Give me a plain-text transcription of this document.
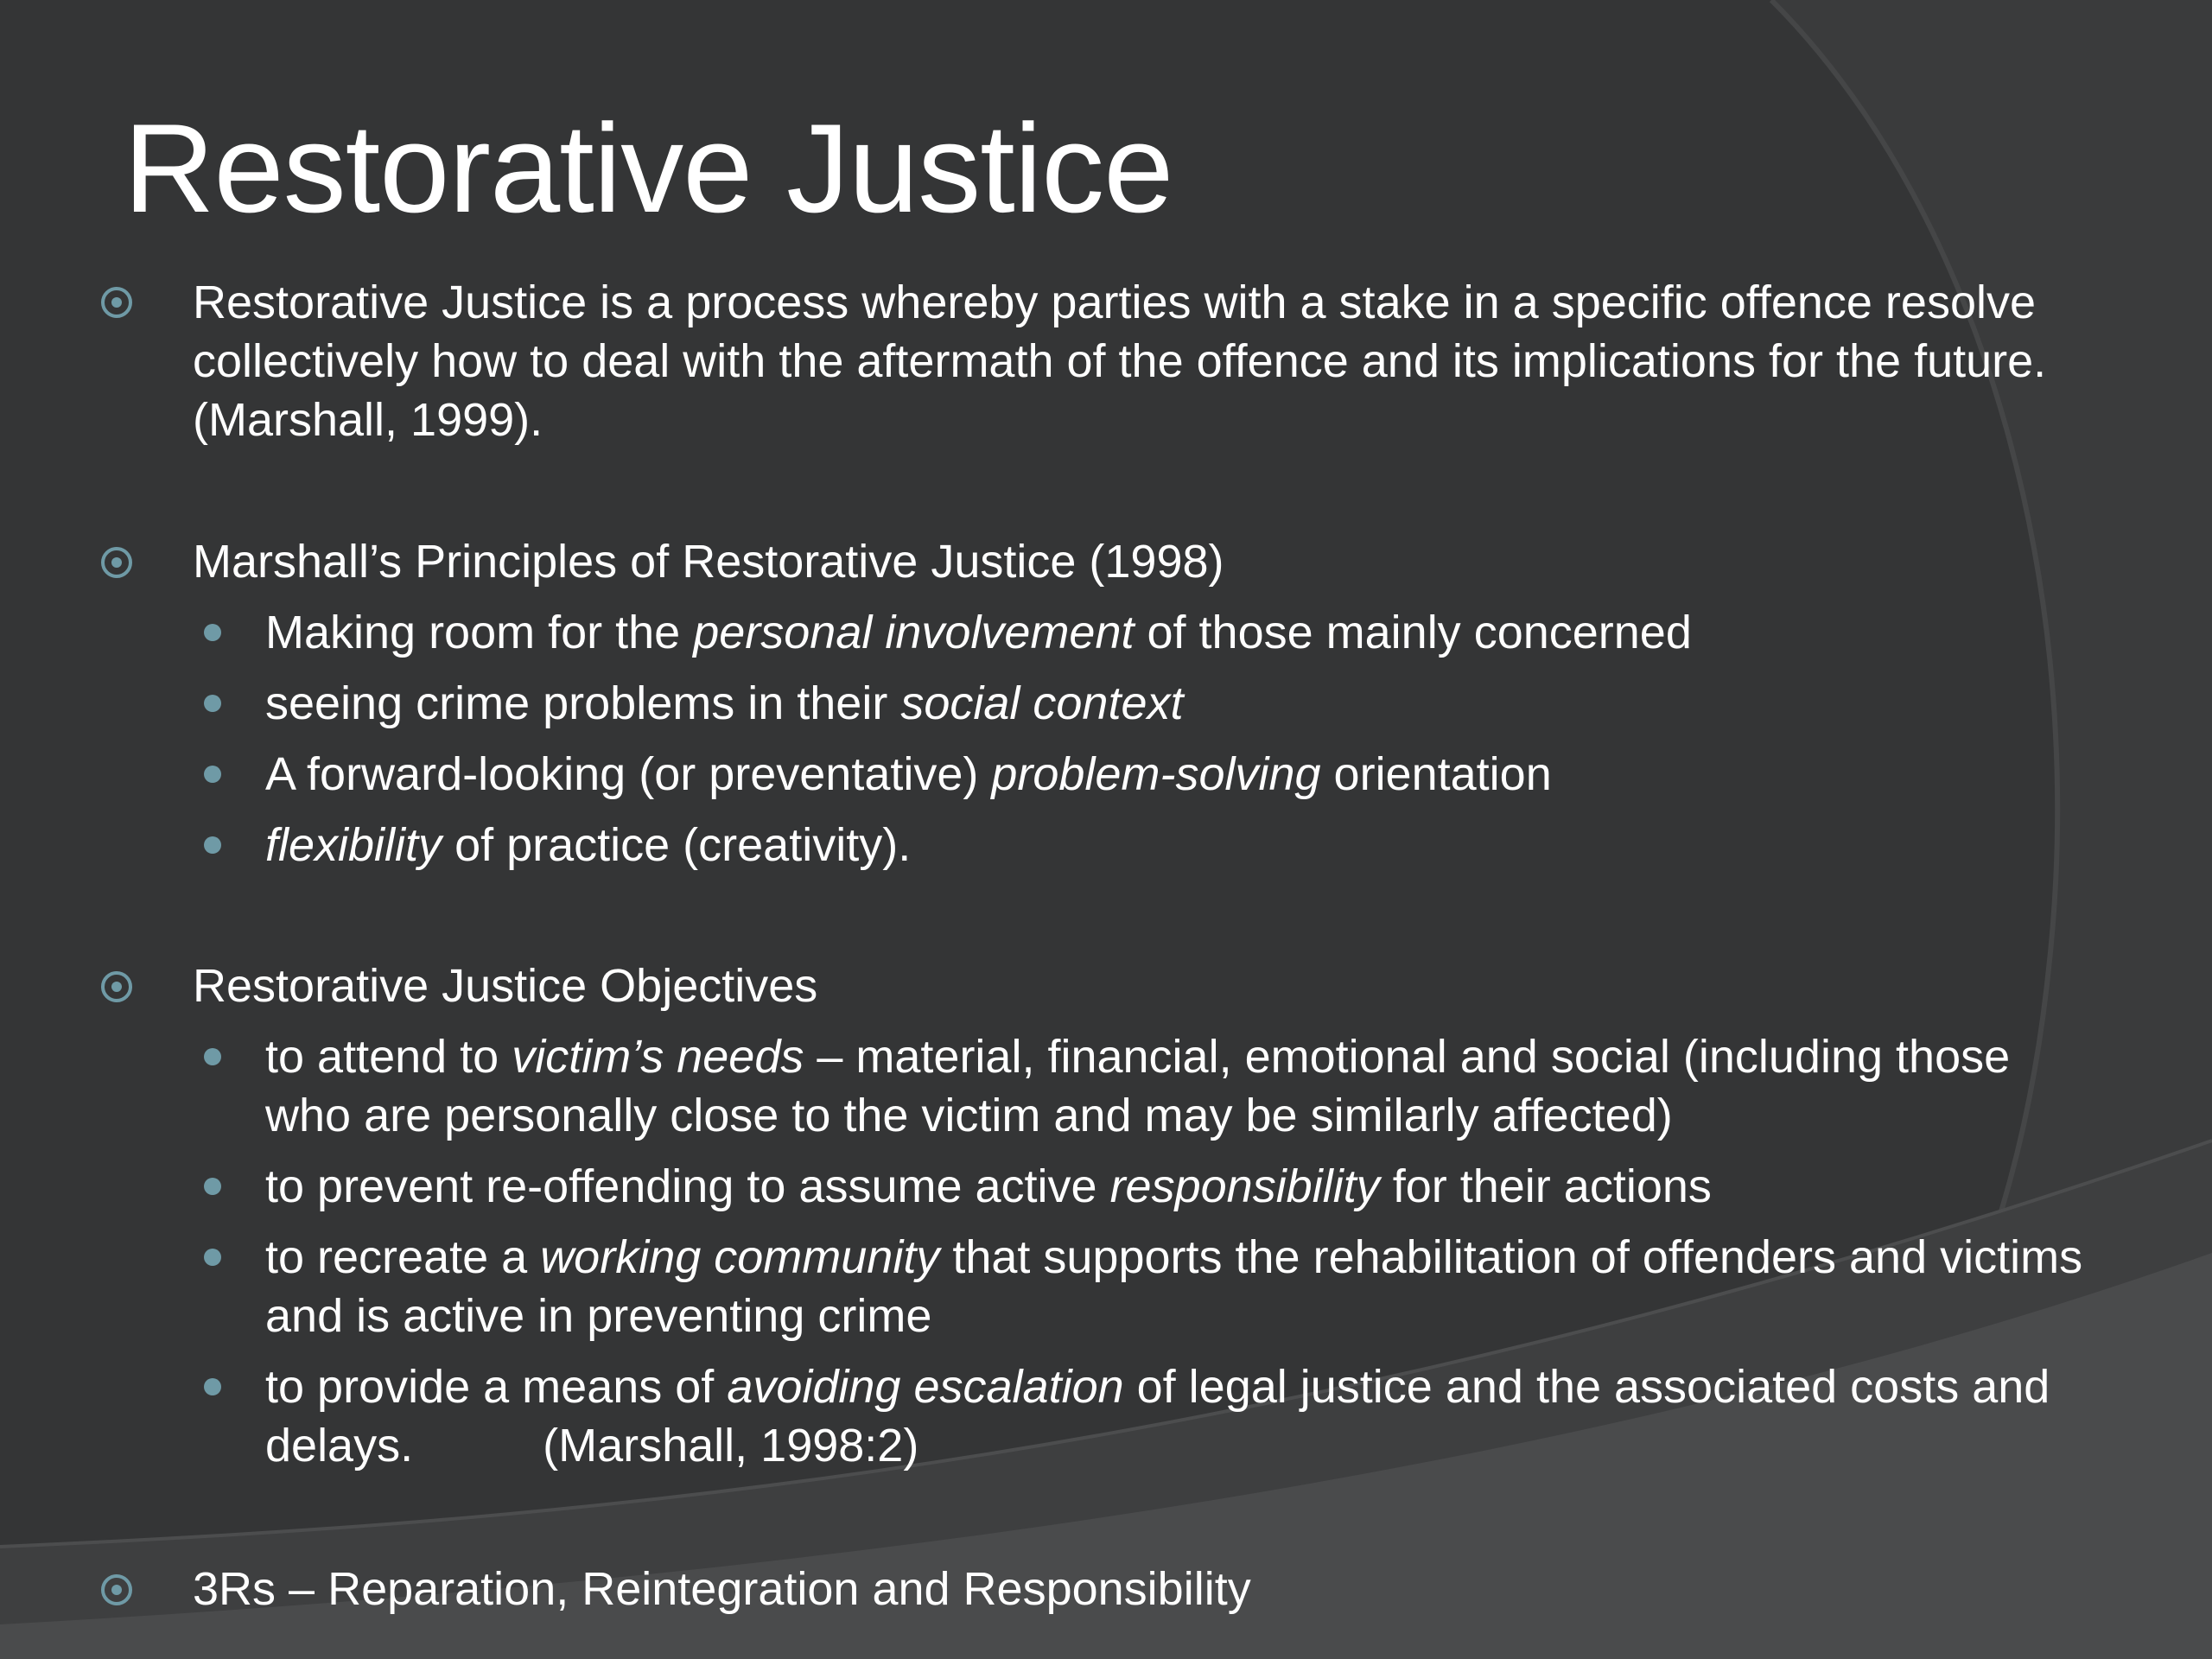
Restorative Justice
Restorative Justice is a process whereby parties with a stake in a specific offence resolve
collectively how to deal with the aftermath of the offence and its implications for the future.
(Marshall, 1999).
Marshall’s Principles of Restorative Justice (1998)
Making room for the personal involvement of those mainly concerned
seeing crime problems in their social context
A forward-looking (or preventative) problem-solving orientation
flexibility of practice (creativity).
Restorative Justice Objectives
to attend to victim’s needs – material, financial, emotional and social (including those
who are personally close to the victim and may be similarly affected)
to prevent re-offending to assume active responsibility for their actions
to recreate a working community that supports the rehabilitation of offenders and victims
and is active in preventing crime
to provide a means of avoiding escalation of legal justice and the associated costs and
delays.          (Marshall, 1998:2)
3Rs – Reparation, Reintegration and Responsibility
